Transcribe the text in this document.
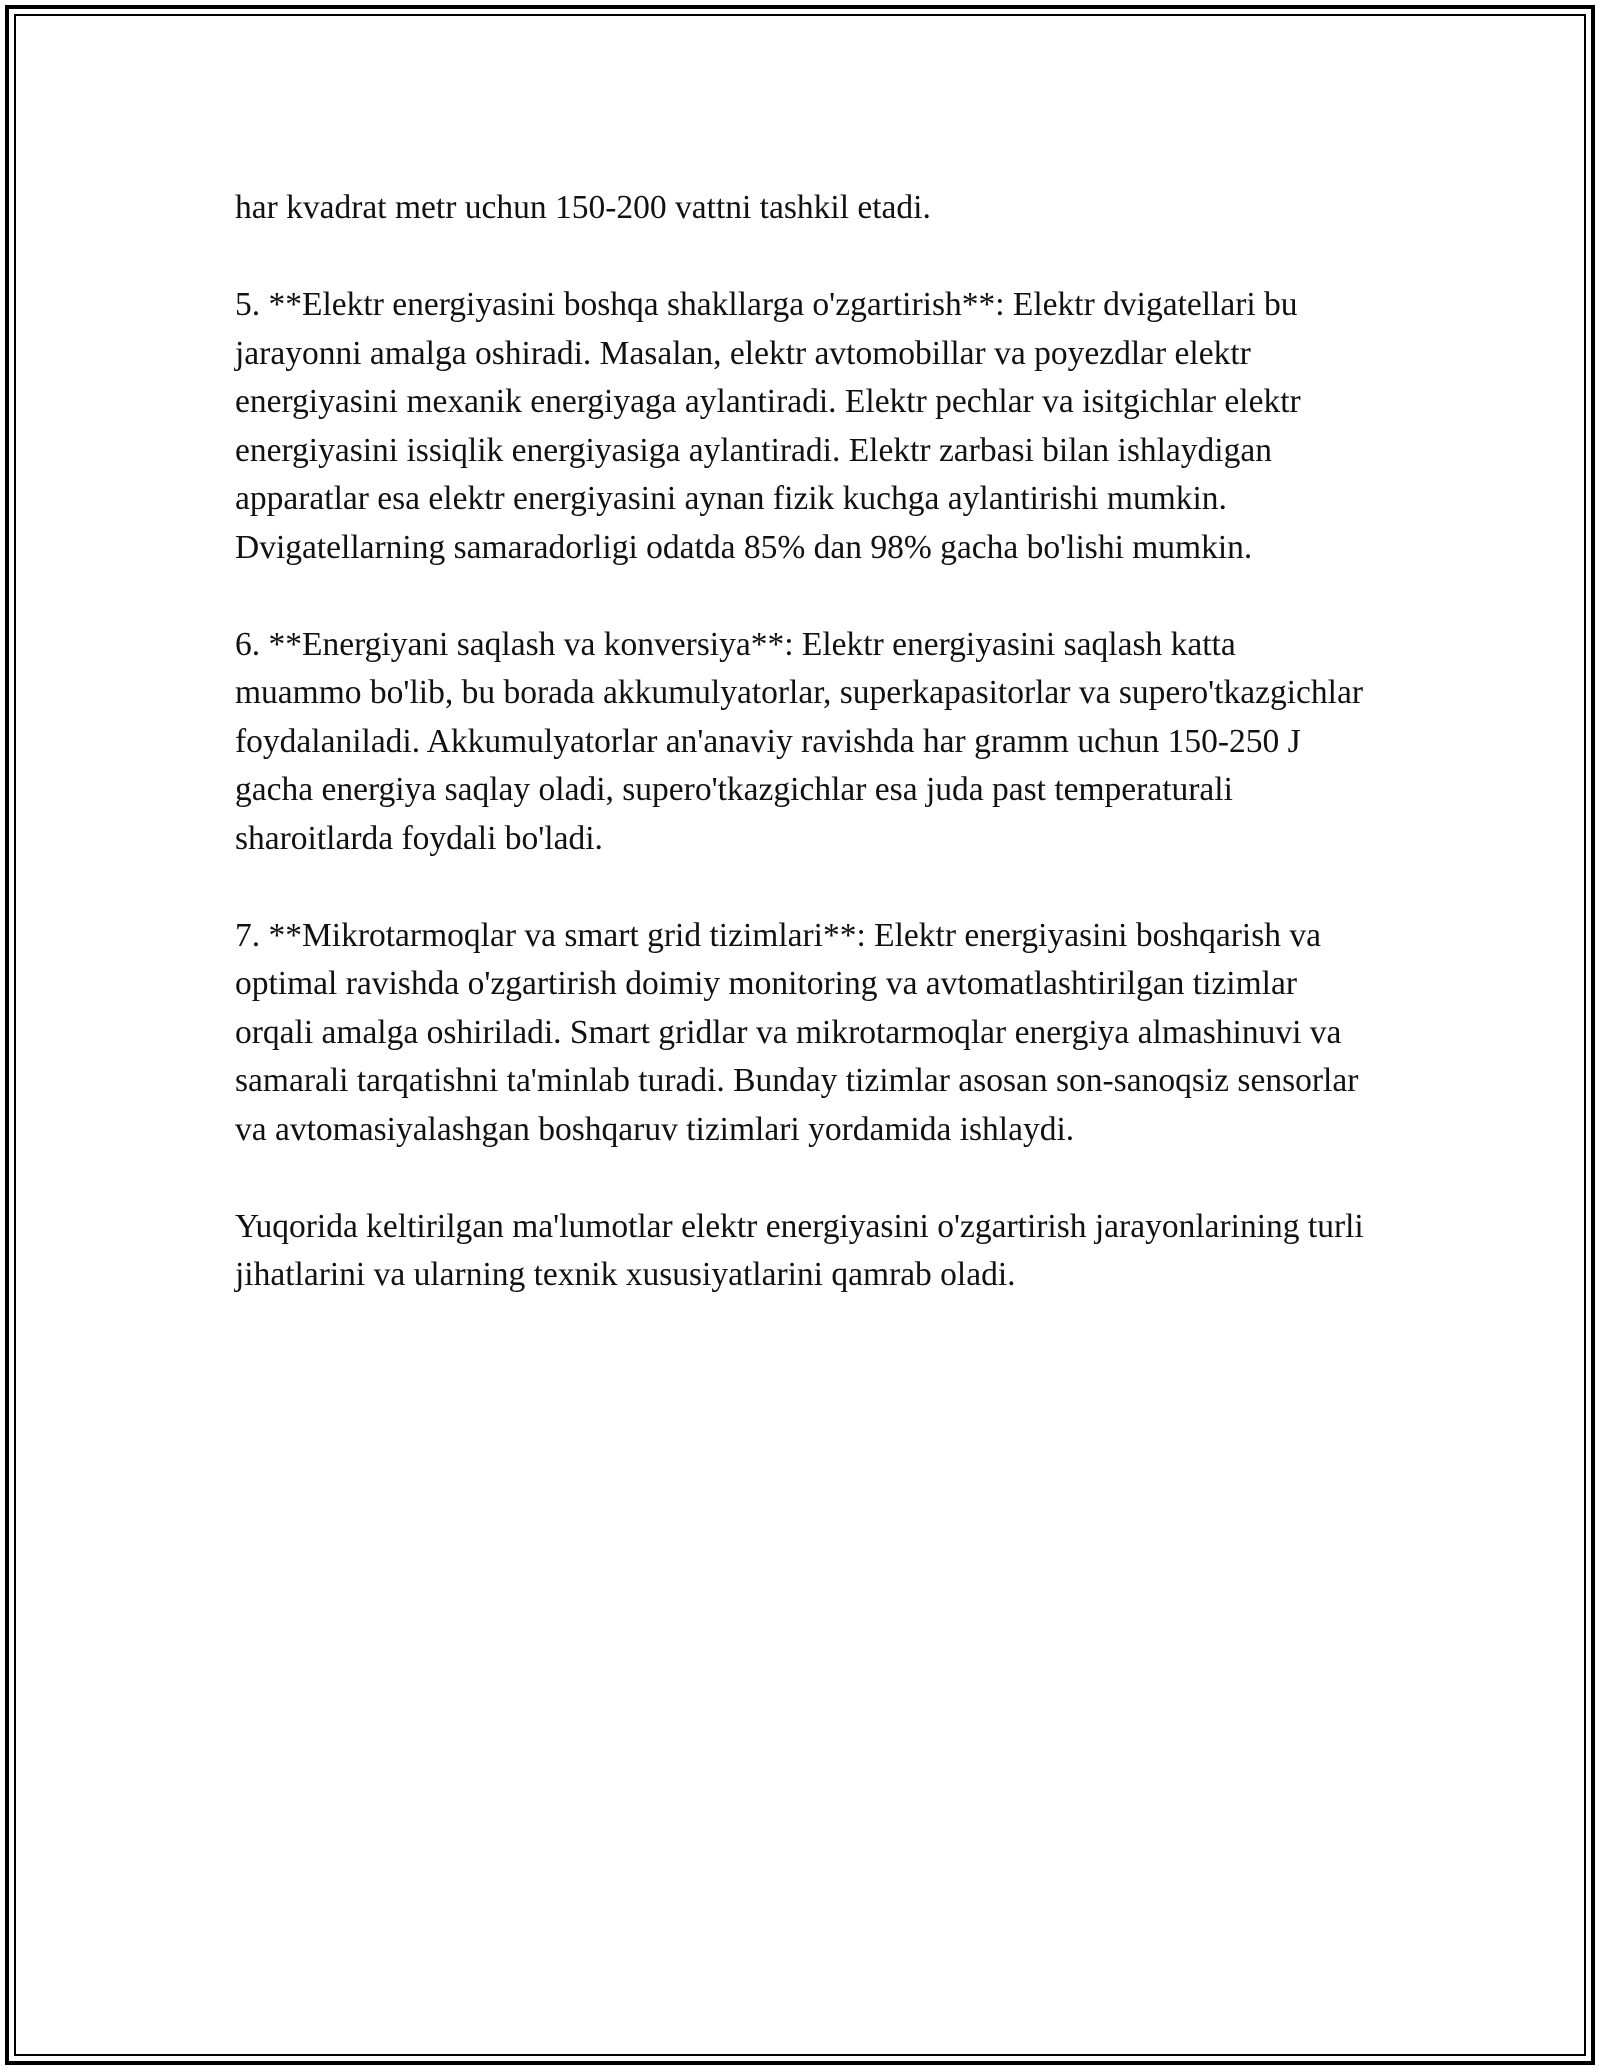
har kvadrat metr uchun 150-200 vattni tashkil etadi.

5. **Elektr energiyasini boshqa shakllarga o'zgartirish**: Elektr dvigatellari bu jarayonni amalga oshiradi. Masalan, elektr avtomobillar va poyezdlar elektr energiyasini mexanik energiyaga aylantiradi. Elektr pechlar va isitgichlar elektr energiyasini issiqlik energiyasiga aylantiradi. Elektr zarbasi bilan ishlaydigan apparatlar esa elektr energiyasini aynan fizik kuchga aylantirishi mumkin. Dvigatellarning samaradorligi odatda 85% dan 98% gacha bo'lishi mumkin.

6. **Energiyani saqlash va konversiya**: Elektr energiyasini saqlash katta muammo bo'lib, bu borada akkumulyatorlar, superkapasitorlar va supero'tkazgichlar foydalaniladi. Akkumulyatorlar an'anaviy ravishda har gramm uchun 150-250 J gacha energiya saqlay oladi, supero'tkazgichlar esa juda past temperaturali sharoitlarda foydali bo'ladi.

7. **Mikrotarmoqlar va smart grid tizimlari**: Elektr energiyasini boshqarish va optimal ravishda o'zgartirish doimiy monitoring va avtomatlashtirilgan tizimlar orqali amalga oshiriladi. Smart gridlar va mikrotarmoqlar energiya almashinuvi va samarali tarqatishni ta'minlab turadi. Bunday tizimlar asosan son-sanoqsiz sensorlar va avtomasiyalashgan boshqaruv tizimlari yordamida ishlaydi.

Yuqorida keltirilgan ma'lumotlar elektr energiyasini o'zgartirish jarayonlarining turli jihatlarini va ularning texnik xususiyatlarini qamrab oladi.
